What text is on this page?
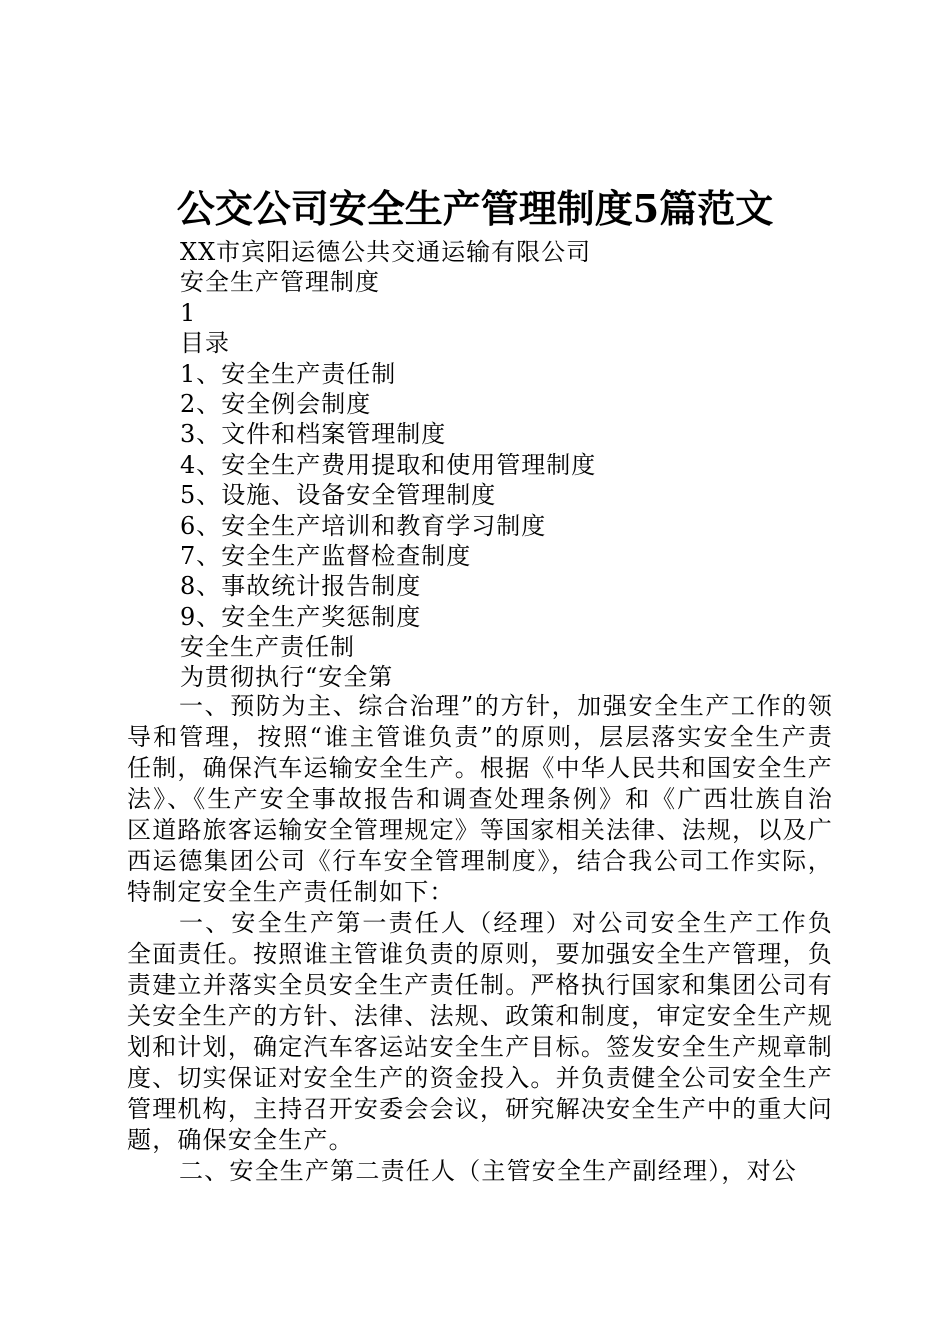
公交公司安全生产管理制度5篇范文
XX市宾阳运德公共交通运输有限公司
安全生产管理制度
1
目录
1、安全生产责任制
2、安全例会制度
3、文件和档案管理制度
4、安全生产费用提取和使用管理制度
5、设施、设备安全管理制度
6、安全生产培训和教育学习制度
7、安全生产监督检查制度
8、事故统计报告制度
9、安全生产奖惩制度
安全生产责任制
为贯彻执行“安全第

一、预防为主、综合治理”的方针，加强安全生产工作的领导和管理，按照“谁主管谁负责”的原则，层层落实安全生产责任制，确保汽车运输安全生产。根据《中华人民共和国安全生产法》、《生产安全事故报告和调查处理条例》和《广西壮族自治区道路旅客运输安全管理规定》等国家相关法律、法规，以及广西运德集团公司《行车安全管理制度》，结合我公司工作实际，特制定安全生产责任制如下：

一、安全生产第一责任人（经理）对公司安全生产工作负全面责任。按照谁主管谁负责的原则，要加强安全生产管理，负责建立并落实全员安全生产责任制。严格执行国家和集团公司有关安全生产的方针、法律、法规、政策和制度，审定安全生产规划和计划，确定汽车客运站安全生产目标。签发安全生产规章制度、切实保证对安全生产的资金投入。并负责健全公司安全生产管理机构，主持召开安委会会议，研究解决安全生产中的重大问题，确保安全生产。

二、安全生产第二责任人（主管安全生产副经理），对公
